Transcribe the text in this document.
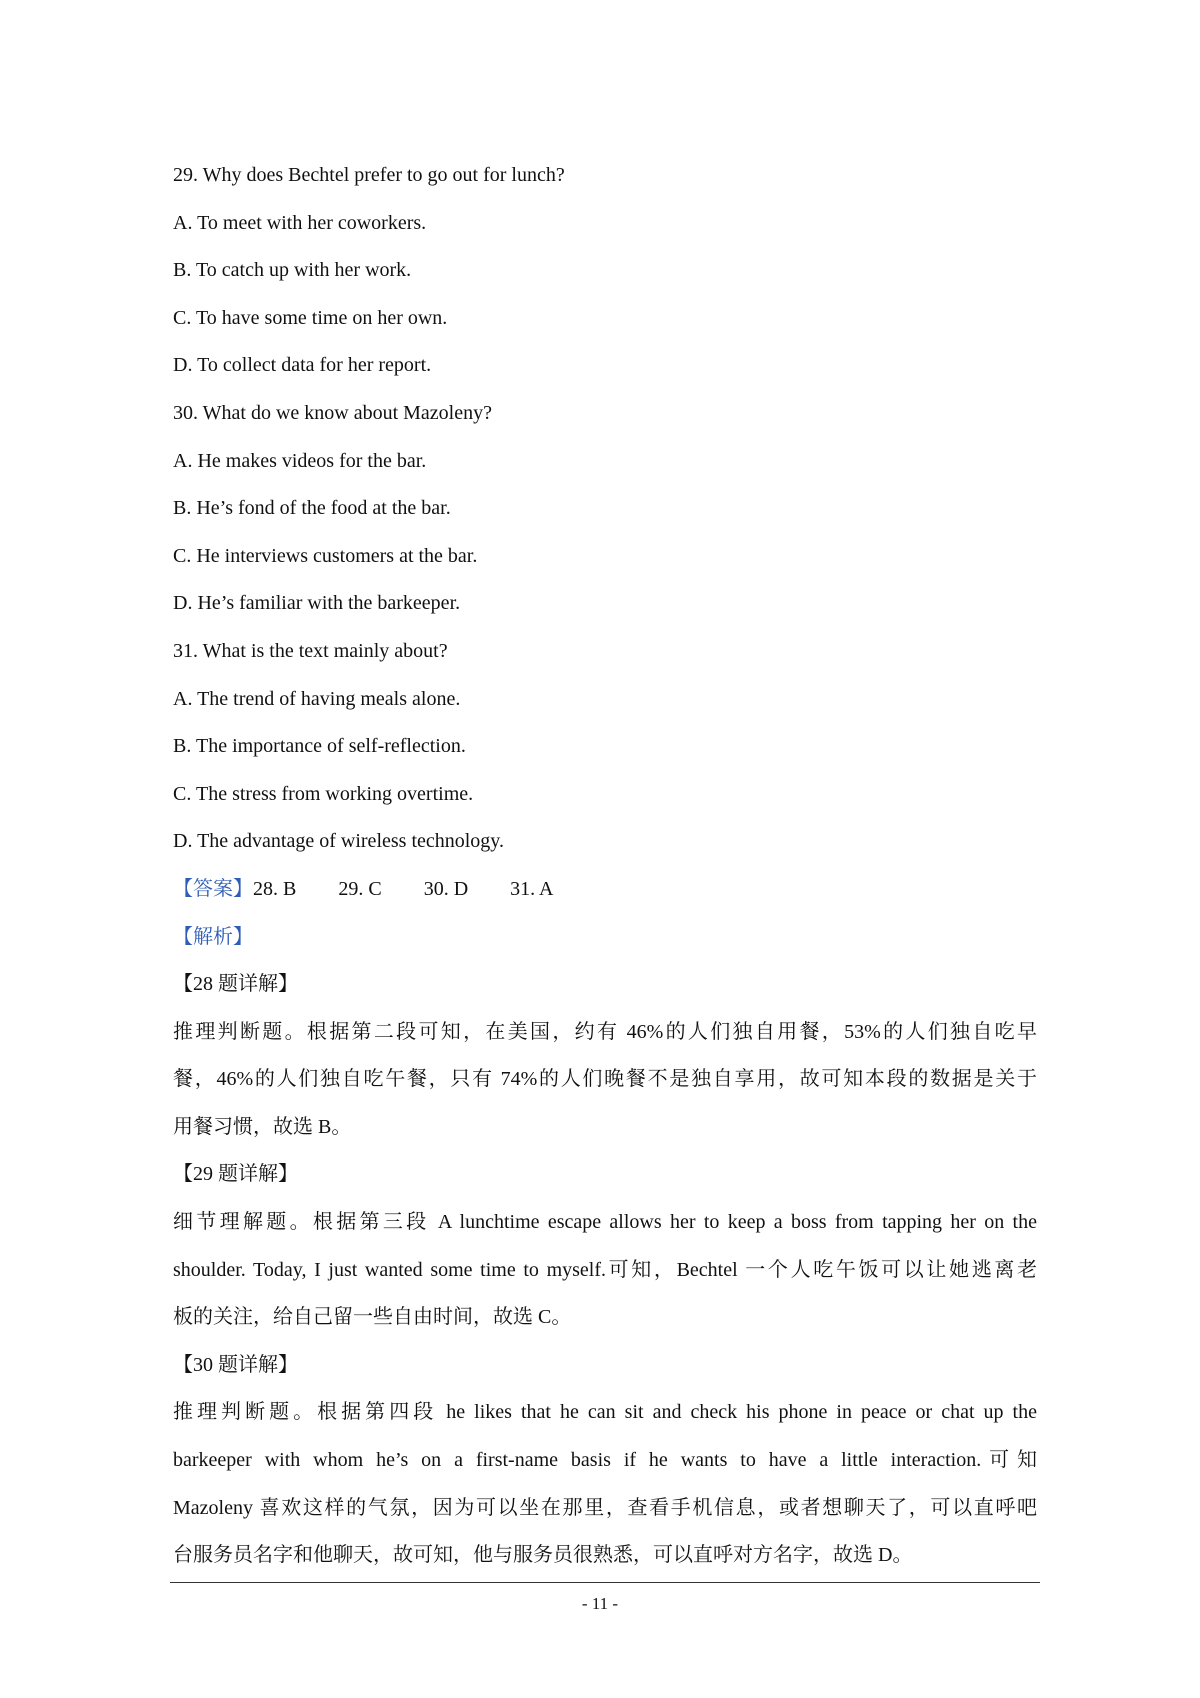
29. Why does Bechtel prefer to go out for lunch?
A. To meet with her coworkers.
B. To catch up with her work.
C. To have some time on her own.
D. To collect data for her report.
30. What do we know about Mazoleny?
A. He makes videos for the bar.
B. He’s fond of the food at the bar.
C. He interviews customers at the bar.
D. He’s familiar with the barkeeper.
31. What is the text mainly about?
A. The trend of having meals alone.
B. The importance of self-reflection.
C. The stress from working overtime.
D. The advantage of wireless technology.
【答案】28. B 29. C 30. D 31. A
【解析】
【28 题详解】
推理判断题。根据第二段可知，在美国，约有 46%的人们独自用餐，53%的人们独自吃早
餐，46%的人们独自吃午餐，只有 74%的人们晚餐不是独自享用，故可知本段的数据是关于
用餐习惯，故选 B。
【29 题详解】
细节理解题。根据第三段 A lunchtime escape allows her to keep a boss from tapping her on the
shoulder. Today, I just wanted some time to myself.可知，Bechtel 一个人吃午饭可以让她逃离老
板的关注，给自己留一些自由时间，故选 C。
【30 题详解】
推理判断题。根据第四段 he likes that he can sit and check his phone in peace or chat up the
barkeeper with whom he’s on a first-name basis if he wants to have a little interaction.可知
Mazoleny 喜欢这样的气氛，因为可以坐在那里，查看手机信息，或者想聊天了，可以直呼吧
台服务员名字和他聊天，故可知，他与服务员很熟悉，可以直呼对方名字，故选 D。
- 11 -
